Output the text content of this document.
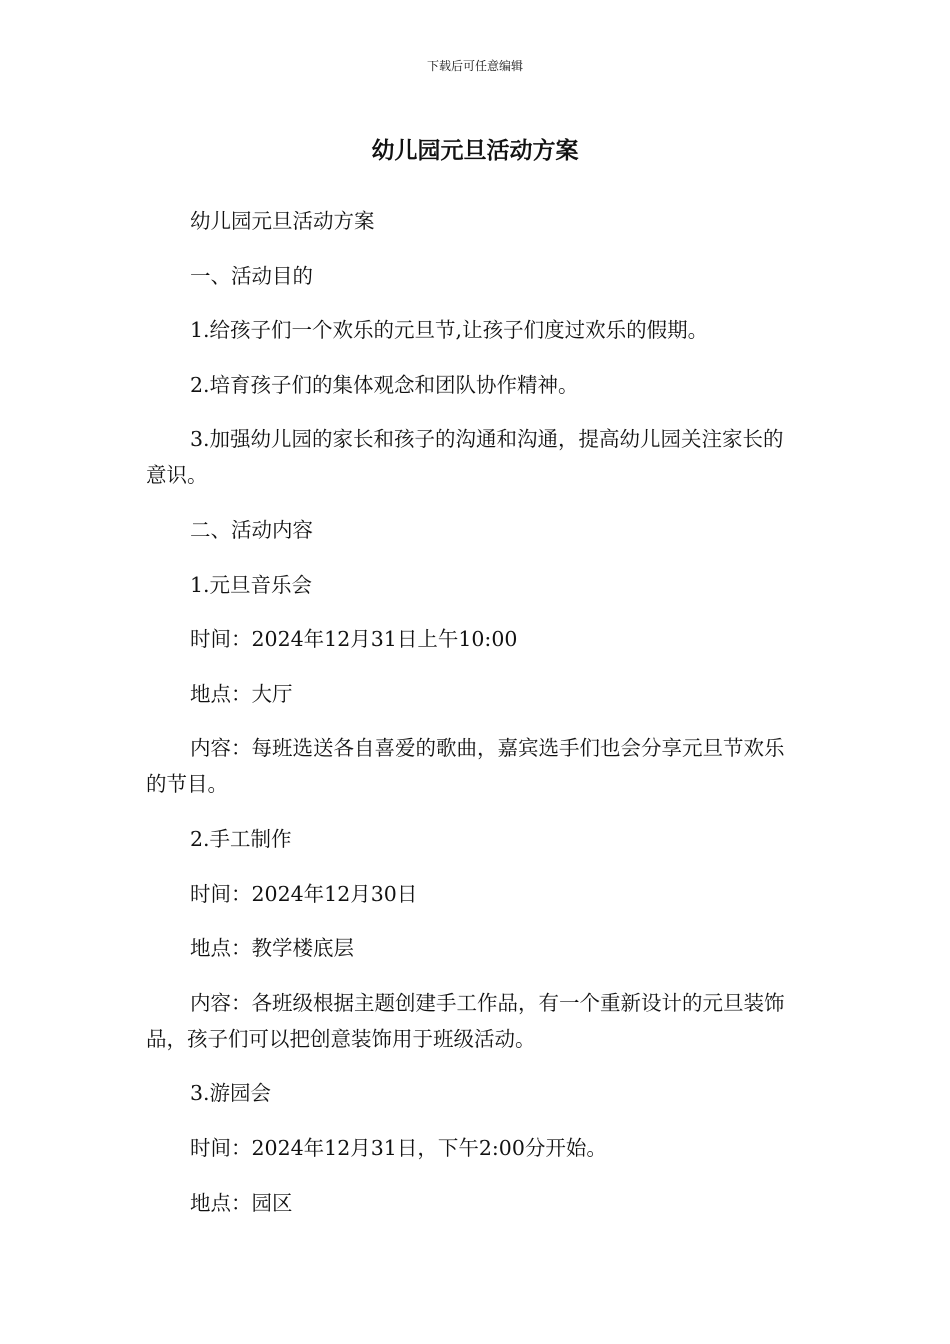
下载后可任意编辑
幼儿园元旦活动方案

幼儿园元旦活动方案

一、活动目的

1.给孩子们一个欢乐的元旦节,让孩子们度过欢乐的假期。

2.培育孩子们的集体观念和团队协作精神。

3.加强幼儿园的家长和孩子的沟通和沟通，提高幼儿园关注家长的意识。

二、活动内容

1.元旦音乐会

时间：2024年12月31日上午10:00

地点：大厅

内容：每班选送各自喜爱的歌曲，嘉宾选手们也会分享元旦节欢乐的节目。

2.手工制作

时间：2024年12月30日

地点：教学楼底层

内容：各班级根据主题创建手工作品，有一个重新设计的元旦装饰品，孩子们可以把创意装饰用于班级活动。

3.游园会

时间：2024年12月31日，下午2:00分开始。

地点：园区
